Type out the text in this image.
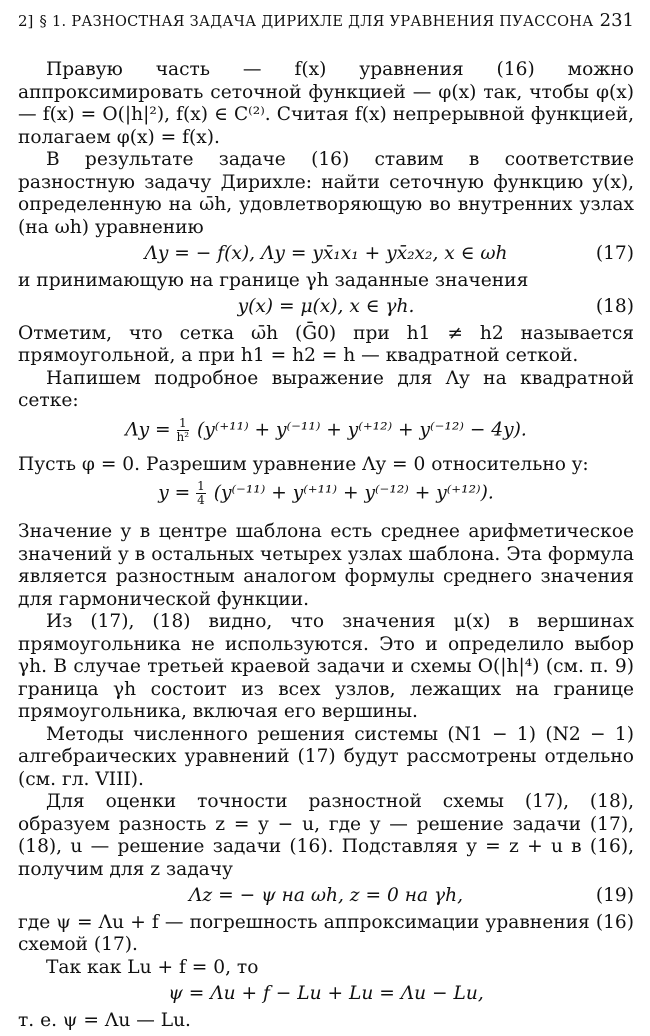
2] § 1. РАЗНОСТНАЯ ЗАДАЧА ДИРИХЛЕ ДЛЯ УРАВНЕНИЯ ПУАССОНА 231

Правую часть — f(x) уравнения (16) можно аппроксимировать сеточной функцией — φ(x) так, чтобы φ(x) — f(x) = O(|h|²), f(x) ∈ C⁽²⁾. Считая f(x) непрерывной функцией, полагаем φ(x) = f(x).

В результате задаче (16) ставим в соответствие разностную задачу Дирихле: найти сеточную функцию y(x), определенную на ω̄h, удовлетворяющую во внутренних узлах (на ωh) уравнению

Λy = − f(x), Λy = yx̄₁x₁ + yx̄₂x₂, x ∈ ωh	(17)

и принимающую на границе γh заданные значения

y(x) = μ(x), x ∈ γh.	(18)

Отметим, что сетка ω̄h (Ḡ0) при h1 ≠ h2 называется прямоугольной, а при h1 = h2 = h — квадратной сеткой.

Напишем подробное выражение для Λy на квадратной сетке:

$\Lambda y = \frac{1}{\text{h²}} (y^{(+11)} + y^{(-11)} + y^{(+12)} + y^{(-12)} - 4y)$.

Пусть φ = 0. Разрешим уравнение Λy = 0 относительно y:

$y = \frac{1}{4} (y^{(-11)} + y^{(+11)} + y^{(-12)} + y^{(+12)})$.

Значение y в центре шаблона есть среднее арифметическое значений y в остальных четырех узлах шаблона. Эта формула является разностным аналогом формулы среднего значения для гармонической функции.

Из (17), (18) видно, что значения μ(x) в вершинах прямоугольника не используются. Это и определило выбор γh. В случае третьей краевой задачи и схемы O(|h|⁴) (см. п. 9) граница γh состоит из всех узлов, лежащих на границе прямоугольника, включая его вершины.

Методы численного решения системы (N1 − 1) (N2 − 1) алгебраических уравнений (17) будут рассмотрены отдельно (см. гл. VIII).

Для оценки точности разностной схемы (17), (18), образуем разность z = y − u, где y — решение задачи (17), (18), u — решение задачи (16). Подставляя y = z + u в (16), получим для z задачу

Λz = − ψ на ωh, z = 0 на γh,	(19)

где ψ = Λu + f — погрешность аппроксимации уравнения (16) схемой (17).

Так как Lu + f = 0, то

ψ = Λu + f − Lu + Lu = Λu − Lu,

т. е. ψ = Λu — Lu.
